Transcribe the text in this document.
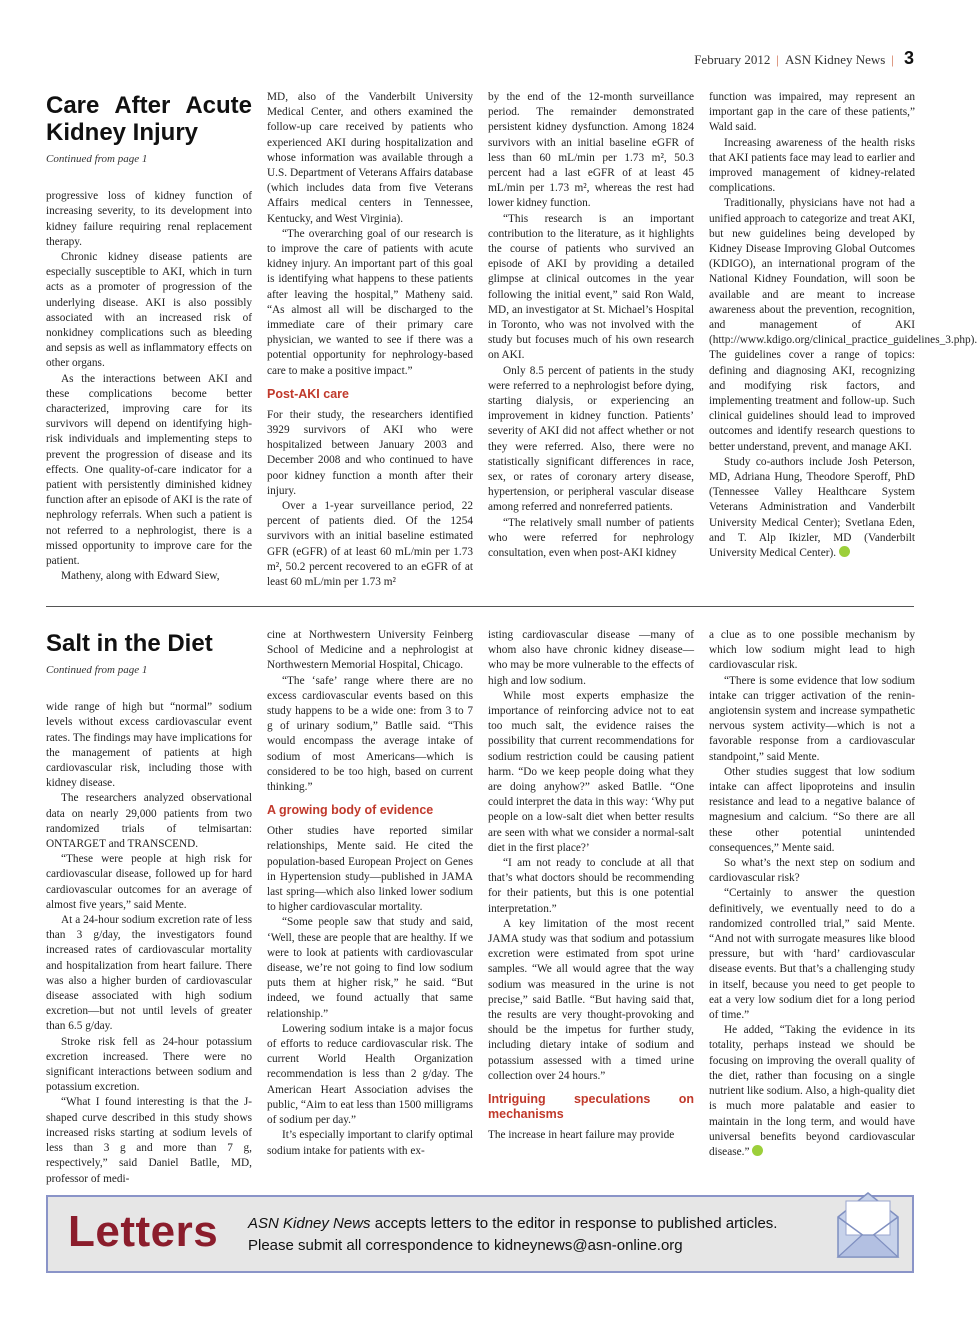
February 2012 | ASN Kidney News | 3
Care After Acute Kidney Injury
Continued from page 1

progressive loss of kidney function of increasing severity, to its development into kidney failure requiring renal replacement therapy.

Chronic kidney disease patients are especially susceptible to AKI, which in turn acts as a promoter of progression of the underlying disease. AKI is also possibly associated with an increased risk of nonkidney complications such as bleeding and sepsis as well as inflammatory effects on other organs.

As the interactions between AKI and these complications become better characterized, improving care for its survivors will depend on identifying high-risk individuals and implementing steps to prevent the progression of disease and its effects. One quality-of-care indicator for a patient with persistently diminished kidney function after an episode of AKI is the rate of nephrology referrals. When such a patient is not referred to a nephrologist, there is a missed opportunity to improve care for the patient.

Matheny, along with Edward Siew,

MD, also of the Vanderbilt University Medical Center, and others examined the follow-up care received by patients who experienced AKI during hospitalization and whose information was available through a U.S. Department of Veterans Affairs database (which includes data from five Veterans Affairs medical centers in Tennessee, Kentucky, and West Virginia).

“The overarching goal of our research is to improve the care of patients with acute kidney injury. An important part of this goal is identifying what happens to these patients after leaving the hospital,” Matheny said. “As almost all will be discharged to the immediate care of their primary care physician, we wanted to see if there was a potential opportunity for nephrology-based care to make a positive impact.”

Post-AKI care

For their study, the researchers identified 3929 survivors of AKI who were hospitalized between January 2003 and December 2008 and who continued to have poor kidney function a month after their injury.

Over a 1-year surveillance period, 22 percent of patients died. Of the 1254 survivors with an initial baseline estimated GFR (eGFR) of at least 60 mL/min per 1.73 m², 50.2 percent recovered to an eGFR of at least 60 mL/min per 1.73 m²

by the end of the 12-month surveillance period. The remainder demonstrated persistent kidney dysfunction. Among 1824 survivors with an initial baseline eGFR of less than 60 mL/min per 1.73 m², 50.3 percent had a last eGFR of at least 45 mL/min per 1.73 m², whereas the rest had lower kidney function.

“This research is an important contribution to the literature, as it highlights the course of patients who survived an episode of AKI by providing a detailed glimpse at clinical outcomes in the year following the initial event,” said Ron Wald, MD, an investigator at St. Michael’s Hospital in Toronto, who was not involved with the study but focuses much of his own research on AKI.

Only 8.5 percent of patients in the study were referred to a nephrologist before dying, starting dialysis, or experiencing an improvement in kidney function. Patients’ severity of AKI did not affect whether or not they were referred. Also, there were no statistically significant differences in race, sex, or rates of coronary artery disease, hypertension, or peripheral vascular disease among referred and nonreferred patients.

“The relatively small number of patients who were referred for nephrology consultation, even when post-AKI kidney

function was impaired, may represent an important gap in the care of these patients,” Wald said.

Increasing awareness of the health risks that AKI patients face may lead to earlier and improved management of kidney-related complications.

Traditionally, physicians have not had a unified approach to categorize and treat AKI, but new guidelines being developed by Kidney Disease Improving Global Outcomes (KDIGO), an international program of the National Kidney Foundation, will soon be available and are meant to increase awareness about the prevention, recognition, and management of AKI (http://www.kdigo.org/clinical_practice_guidelines_3.php). The guidelines cover a range of topics: defining and diagnosing AKI, recognizing and modifying risk factors, and implementing treatment and follow-up. Such clinical guidelines should lead to improved outcomes and identify research questions to better understand, prevent, and manage AKI.

Study co-authors include Josh Peterson, MD, Adriana Hung, Theodore Speroff, PhD (Tennessee Valley Healthcare System Veterans Administration and Vanderbilt University Medical Center); Svetlana Eden, and T. Alp Ikizler, MD (Vanderbilt University Medical Center).

Salt in the Diet
Continued from page 1

wide range of high but “normal” sodium levels without excess cardiovascular event rates. The findings may have implications for the management of patients at high cardiovascular risk, including those with kidney disease.

The researchers analyzed observational data on nearly 29,000 patients from two randomized trials of telmisartan: ONTARGET and TRANSCEND.

“These were people at high risk for cardiovascular disease, followed up for hard cardiovascular outcomes for an average of almost five years,” said Mente.

At a 24-hour sodium excretion rate of less than 3 g/day, the investigators found increased rates of cardiovascular mortality and hospitalization from heart failure. There was also a higher burden of cardiovascular disease associated with high sodium excretion—but not until levels of greater than 6.5 g/day.

Stroke risk fell as 24-hour potassium excretion increased. There were no significant interactions between sodium and potassium excretion.

“What I found interesting is that the J-shaped curve described in this study shows increased risks starting at sodium levels of less than 3 g and more than 7 g, respectively,” said Daniel Batlle, MD, professor of medi-

cine at Northwestern University Feinberg School of Medicine and a nephrologist at Northwestern Memorial Hospital, Chicago.

“The ‘safe’ range where there are no excess cardiovascular events based on this study happens to be a wide one: from 3 to 7 g of urinary sodium,” Batlle said. “This would encompass the average intake of sodium of most Americans—which is considered to be too high, based on current thinking.”

A growing body of evidence

Other studies have reported similar relationships, Mente said. He cited the population-based European Project on Genes in Hypertension study—published in JAMA last spring—which also linked lower sodium to higher cardiovascular mortality.

“Some people saw that study and said, ‘Well, these are people that are healthy. If we were to look at patients with cardiovascular disease, we’re not going to find low sodium puts them at higher risk,” he said. “But indeed, we found actually that same relationship.”

Lowering sodium intake is a major focus of efforts to reduce cardiovascular risk. The current World Health Organization recommendation is less than 2 g/day. The American Heart Association advises the public, “Aim to eat less than 1500 milligrams of sodium per day.”

It’s especially important to clarify optimal sodium intake for patients with ex-

isting cardiovascular disease —many of whom also have chronic kidney disease—who may be more vulnerable to the effects of high and low sodium.

While most experts emphasize the importance of reinforcing advice not to eat too much salt, the evidence raises the possibility that current recommendations for sodium restriction could be causing patient harm. “Do we keep people doing what they are doing anyhow?” asked Batlle. “One could interpret the data in this way: ‘Why put people on a low-salt diet when better results are seen with what we consider a normal-salt diet in the first place?’

“I am not ready to conclude at all that that’s what doctors should be recommending for their patients, but this is one potential interpretation.”

A key limitation of the most recent JAMA study was that sodium and potassium excretion were estimated from spot urine samples. “We all would agree that the way sodium was measured in the urine is not precise,” said Batlle. “But having said that, the results are very thought-provoking and should be the impetus for further study, including dietary intake of sodium and potassium assessed with a timed urine collection over 24 hours.”

Intriguing speculations on mechanisms

The increase in heart failure may provide

a clue as to one possible mechanism by which low sodium might lead to high cardiovascular risk.

“There is some evidence that low sodium intake can trigger activation of the renin-angiotensin system and increase sympathetic nervous system activity—which is not a favorable response from a cardiovascular standpoint,” said Mente.

Other studies suggest that low sodium intake can affect lipoproteins and insulin resistance and lead to a negative balance of magnesium and calcium. “So there are all these other potential unintended consequences,” Mente said.

So what’s the next step on sodium and cardiovascular risk?

“Certainly to answer the question definitively, we eventually need to do a randomized controlled trial,” said Mente. “And not with surrogate measures like blood pressure, but with ‘hard’ cardiovascular disease events. But that’s a challenging study in itself, because you need to get people to eat a very low sodium diet for a long period of time.”

He added, “Taking the evidence in its totality, perhaps instead we should be focusing on improving the overall quality of the diet, rather than focusing on a single nutrient like sodium. Also, a high-quality diet is much more palatable and easier to maintain in the long term, and would have universal benefits beyond cardiovascular disease.”

Letters ASN Kidney News accepts letters to the editor in response to published articles.
Please submit all correspondence to kidneynews@asn-online.org
